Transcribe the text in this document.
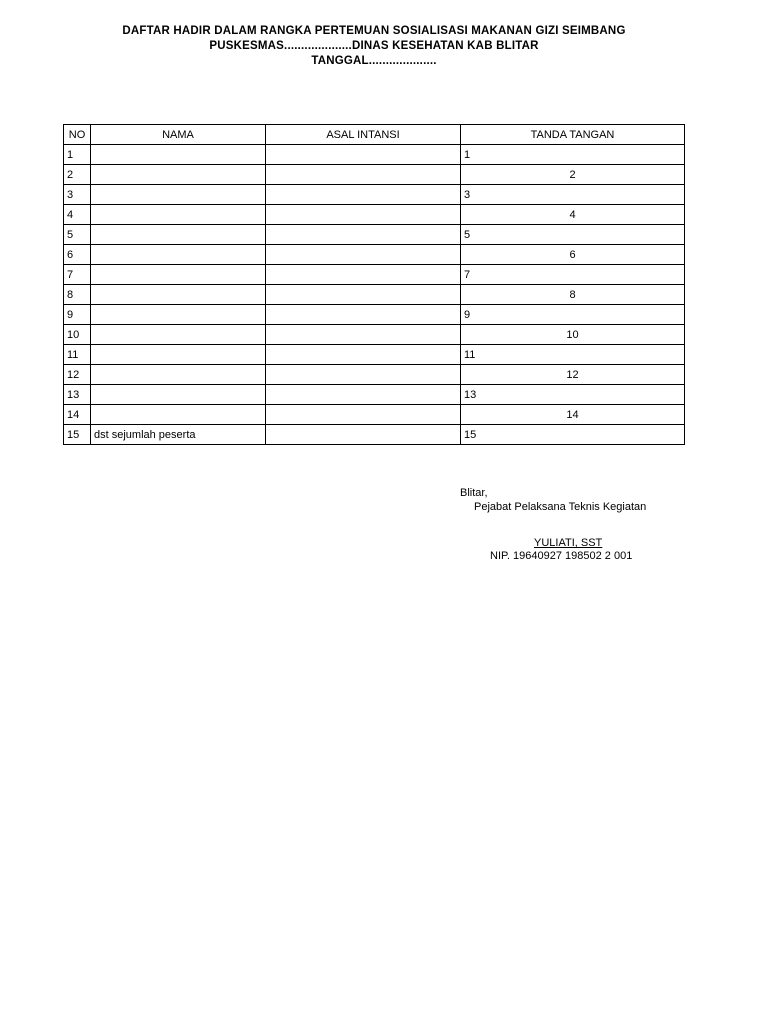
DAFTAR HADIR DALAM RANGKA PERTEMUAN SOSIALISASI MAKANAN GIZI SEIMBANG
PUSKESMAS....................DINAS KESEHATAN KAB BLITAR
TANGGAL....................
NO	NAMA	ASAL INTANSI	TANDA TANGAN
1			1
2			2
3			3
4			4
5			5
6			6
7			7
8			8
9			9
10			10
11			11
12			12
13			13
14			14
15	dst sejumlah peserta		15
Blitar,
Pejabat Pelaksana Teknis Kegiatan
YULIATI, SST
NIP. 19640927 198502 2 001
